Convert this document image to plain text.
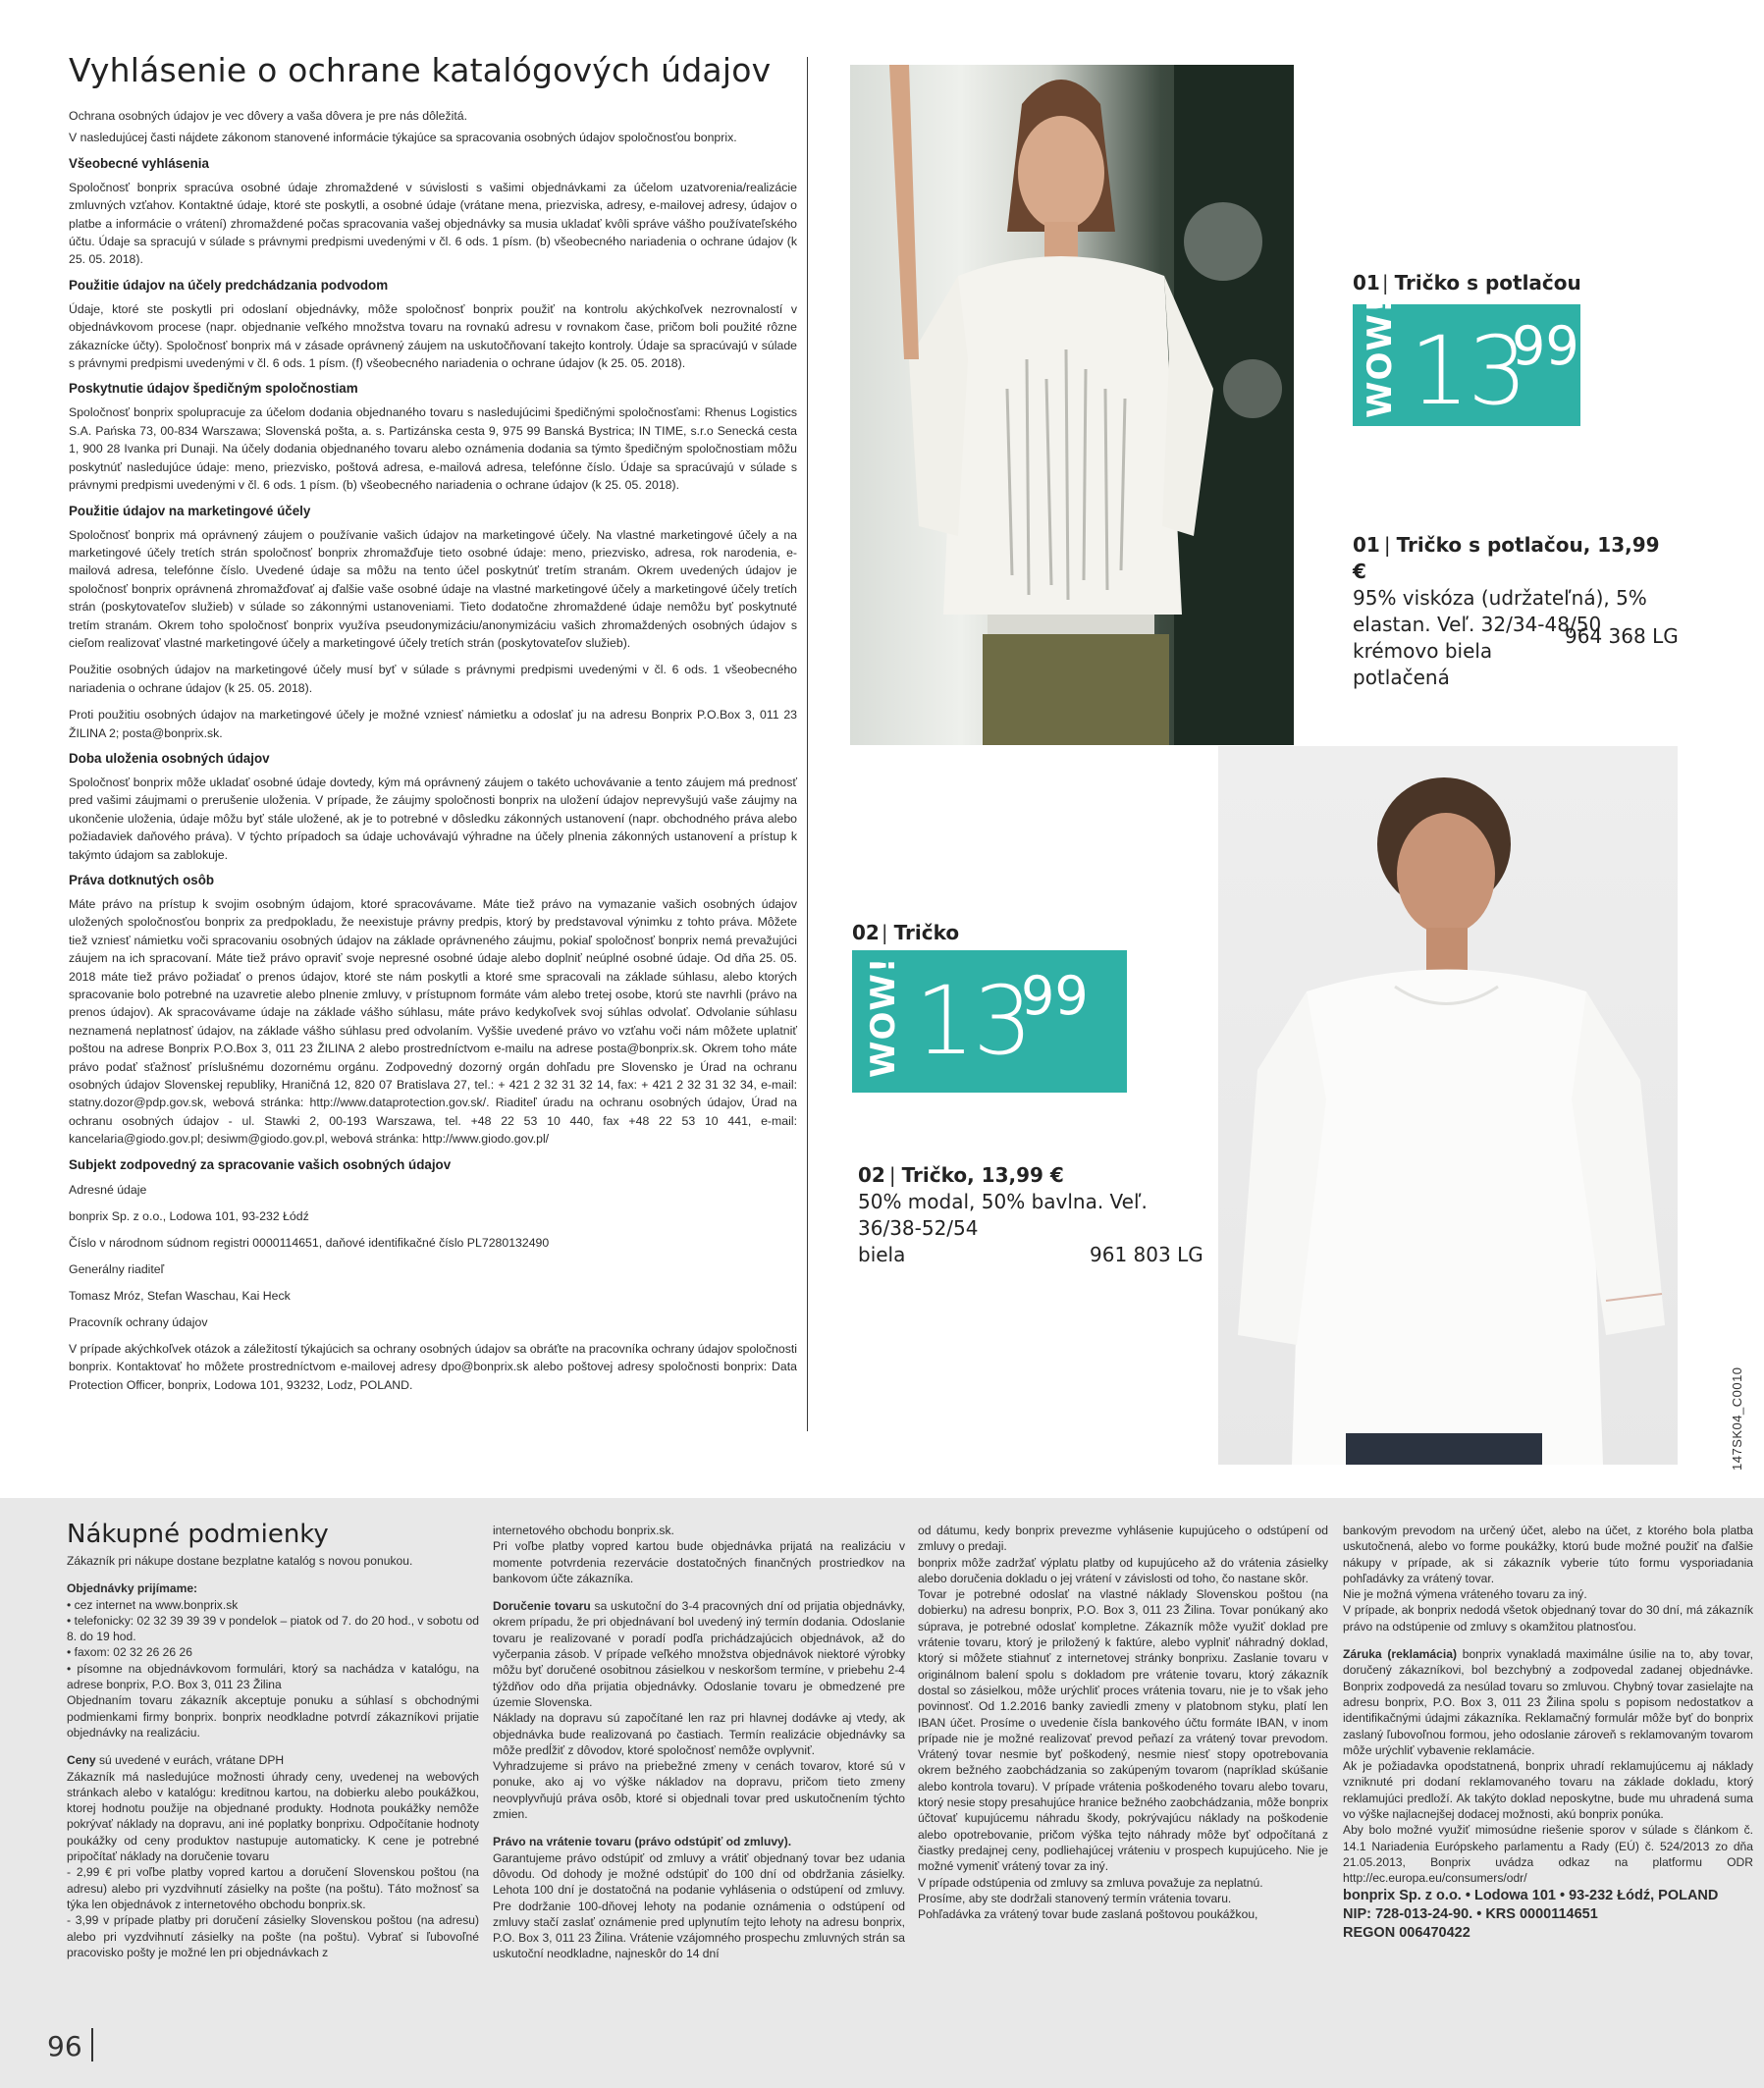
Vyhlásenie o ochrane katalógových údajov
Ochrana osobných údajov je vec dôvery a vaša dôvera je pre nás dôležitá.
V nasledujúcej časti nájdete zákonom stanovené informácie týkajúce sa spracovania osobných údajov spoločnosťou bonprix.
Všeobecné vyhlásenia
Spoločnosť bonprix spracúva osobné údaje zhromaždené v súvislosti s vašimi objednávkami za účelom uzatvorenia/realizácie zmluvných vzťahov. Kontaktné údaje, ktoré ste poskytli, a osobné údaje (vrátane mena, priezviska, adresy, e-mailovej adresy, údajov o platbe a informácie o vrátení) zhromaždené počas spracovania vašej objednávky sa musia ukladať kvôli správe vášho používateľského účtu. Údaje sa spracujú v súlade s právnymi predpismi uvedenými v čl. 6 ods. 1 písm. (b) všeobecného nariadenia o ochrane údajov (k 25. 05. 2018).
Použitie údajov na účely predchádzania podvodom
Údaje, ktoré ste poskytli pri odoslaní objednávky, môže spoločnosť bonprix použiť na kontrolu akýchkoľvek nezrovnalostí v objednávkovom procese (napr. objednanie veľkého množstva tovaru na rovnakú adresu v rovnakom čase, pričom boli použité rôzne zákaznícke účty). Spoločnosť bonprix má v zásade oprávnený záujem na uskutočňovaní takejto kontroly. Údaje sa spracúvajú v súlade s právnymi predpismi uvedenými v čl. 6 ods. 1 písm. (f) všeobecného nariadenia o ochrane údajov (k 25. 05. 2018).
Poskytnutie údajov špedičným spoločnostiam
Spoločnosť bonprix spolupracuje za účelom dodania objednaného tovaru s nasledujúcimi špedičnými spoločnosťami: Rhenus Logistics S.A. Pańska 73, 00-834 Warszawa; Slovenská pošta, a. s. Partizánska cesta 9, 975 99 Banská Bystrica; IN TIME, s.r.o Senecká cesta 1, 900 28 Ivanka pri Dunaji. Na účely dodania objednaného tovaru alebo oznámenia dodania sa týmto špedičným spoločnostiam môžu poskytnúť nasledujúce údaje: meno, priezvisko, poštová adresa, e-mailová adresa, telefónne číslo. Údaje sa spracúvajú v súlade s právnymi predpismi uvedenými v čl. 6 ods. 1 písm. (b) všeobecného nariadenia o ochrane údajov (k 25. 05. 2018).
Použitie údajov na marketingové účely
Spoločnosť bonprix má oprávnený záujem o používanie vašich údajov na marketingové účely. Na vlastné marketingové účely a na marketingové účely tretích strán spoločnosť bonprix zhromažďuje tieto osobné údaje: meno, priezvisko, adresa, rok narodenia, e-mailová adresa, telefónne číslo. Uvedené údaje sa môžu na tento účel poskytnúť tretím stranám. Okrem uvedených údajov je spoločnosť bonprix oprávnená zhromažďovať aj ďalšie vaše osobné údaje na vlastné marketingové účely a marketingové účely tretích strán (poskytovateľov služieb) v súlade so zákonnými ustanoveniami. Tieto dodatočne zhromaždené údaje nemôžu byť poskytnuté tretím stranám. Okrem toho spoločnosť bonprix využíva pseudonymizáciu/anonymizáciu vašich zhromaždených osobných údajov s cieľom realizovať vlastné marketingové účely a marketingové účely tretích strán (poskytovateľov služieb).
Použitie osobných údajov na marketingové účely musí byť v súlade s právnymi predpismi uvedenými v čl. 6 ods. 1 všeobecného nariadenia o ochrane údajov (k 25. 05. 2018).
Proti použitiu osobných údajov na marketingové účely je možné vzniesť námietku a odoslať ju na adresu Bonprix P.O.Box 3, 011 23 ŽILINA 2; posta@bonprix.sk.
Doba uloženia osobných údajov
Spoločnosť bonprix môže ukladať osobné údaje dovtedy, kým má oprávnený záujem o takéto uchovávanie a tento záujem má prednosť pred vašimi záujmami o prerušenie uloženia. V prípade, že záujmy spoločnosti bonprix na uložení údajov neprevyšujú vaše záujmy na ukončenie uloženia, údaje môžu byť stále uložené, ak je to potrebné v dôsledku zákonných ustanovení (napr. obchodného práva alebo požiadaviek daňového práva). V týchto prípadoch sa údaje uchovávajú výhradne na účely plnenia zákonných ustanovení a prístup k takýmto údajom sa zablokuje.
Práva dotknutých osôb
Máte právo na prístup k svojim osobným údajom, ktoré spracovávame. Máte tiež právo na vymazanie vašich osobných údajov uložených spoločnosťou bonprix za predpokladu, že neexistuje právny predpis, ktorý by predstavoval výnimku z tohto práva. Môžete tiež vzniesť námietku voči spracovaniu osobných údajov na základe oprávneného záujmu, pokiaľ spoločnosť bonprix nemá prevažujúci záujem na ich spracovaní. Máte tiež právo opraviť svoje nepresné osobné údaje alebo doplniť neúplné osobné údaje. Od dňa 25. 05. 2018 máte tiež právo požiadať o prenos údajov, ktoré ste nám poskytli a ktoré sme spracovali na základe súhlasu, alebo ktorých spracovanie bolo potrebné na uzavretie alebo plnenie zmluvy, v prístupnom formáte vám alebo tretej osobe, ktorú ste navrhli (právo na prenos údajov). Ak spracovávame údaje na základe vášho súhlasu, máte právo kedykoľvek svoj súhlas odvolať. Odvolanie súhlasu neznamená neplatnosť údajov, na základe vášho súhlasu pred odvolaním. Vyššie uvedené právo vo vzťahu voči nám môžete uplatniť poštou na adrese Bonprix P.O.Box 3, 011 23 ŽILINA 2 alebo prostredníctvom e-mailu na adrese posta@bonprix.sk. Okrem toho máte právo podať sťažnosť príslušnému dozornému orgánu. Zodpovedný dozorný orgán dohľadu pre Slovensko je Úrad na ochranu osobných údajov Slovenskej republiky, Hraničná 12, 820 07 Bratislava 27, tel.: + 421 2 32 31 32 14, fax: + 421 2 32 31 32 34, e-mail: statny.dozor@pdp.gov.sk, webová stránka: http://www.dataprotection.gov.sk/. Riaditeľ úradu na ochranu osobných údajov, Úrad na ochranu osobných údajov - ul. Stawki 2, 00-193 Warszawa, tel. +48 22 53 10 440, fax +48 22 53 10 441, e-mail: kancelaria@giodo.gov.pl; desiwm@giodo.gov.pl, webová stránka: http://www.giodo.gov.pl/
Subjekt zodpovedný za spracovanie vašich osobných údajov
Adresné údaje
bonprix Sp. z o.o., Lodowa 101, 93-232 Łódź
Číslo v národnom súdnom registri 0000114651, daňové identifikačné číslo PL7280132490
Generálny riaditeľ
Tomasz Mróz, Stefan Waschau, Kai Heck
Pracovník ochrany údajov
V prípade akýchkoľvek otázok a záležitostí týkajúcich sa ochrany osobných údajov sa obráťte na pracovníka ochrany údajov spoločnosti bonprix. Kontaktovať ho môžete prostredníctvom e-mailovej adresy dpo@bonprix.sk alebo poštovej adresy spoločnosti bonprix: Data Protection Officer, bonprix, Lodowa 101, 93232, Lodz, POLAND.
01 | Tričko s potlačou
WOW! 13
99
01 | Tričko s potlačou, 13,99 €
95% viskóza (udržateľná), 5%
elastan. Veľ. 32/34-48/50
krémovo biela
potlačená
964 368 LG
02 | Tričko
WOW! 13
99
02 | Tričko, 13,99 €
50% modal, 50% bavlna. Veľ.
36/38-52/54
biela	961 803 LG
147SK04_C0010
Nákupné podmienky
Zákazník pri nákupe dostane bezplatne katalóg s novou ponukou.
Objednávky prijímame:
• cez internet na www.bonprix.sk
• telefonicky: 02 32 39 39 39 v pondelok – piatok od 7. do 20 hod., v sobotu od 8. do 19 hod.
• faxom: 02 32 26 26 26
• písomne na objednávkovom formulári, ktorý sa nachádza v katalógu, na adrese bonprix, P.O. Box 3, 011 23 Žilina
Objednaním tovaru zákazník akceptuje ponuku a súhlasí s obchodnými podmienkami firmy bonprix. bonprix neodkladne potvrdí zákazníkovi prijatie objednávky na realizáciu.
Ceny sú uvedené v eurách, vrátane DPH
Zákazník má nasledujúce možnosti úhrady ceny, uvedenej na webových stránkach alebo v katalógu: kreditnou kartou, na dobierku alebo poukážkou, ktorej hodnotu použije na objednané produkty. Hodnota poukážky nemôže pokrývať náklady na dopravu, ani iné poplatky bonprixu. Odpočítanie hodnoty poukážky od ceny produktov nastupuje automaticky. K cene je potrebné pripočítať náklady na doručenie tovaru
- 2,99 € pri voľbe platby vopred kartou a doručení Slovenskou poštou (na adresu) alebo pri vyzdvihnutí zásielky na pošte (na poštu). Táto možnosť sa týka len objednávok z internetového obchodu bonprix.sk.
- 3,99 v prípade platby pri doručení zásielky Slovenskou poštou (na adresu) alebo pri vyzdvihnutí zásielky na pošte (na poštu). Vybrať si ľubovoľné pracovisko pošty je možné len pri objednávkach z
internetového obchodu bonprix.sk.
Pri voľbe platby vopred kartou bude objednávka prijatá na realizáciu v momente potvrdenia rezervácie dostatočných finančných prostriedkov na bankovom účte zákazníka.
Doručenie tovaru sa uskutoční do 3-4 pracovných dní od prijatia objednávky, okrem prípadu, že pri objednávaní bol uvedený iný termín dodania. Odoslanie tovaru je realizované v poradí podľa prichádzajúcich objednávok, až do vyčerpania zásob. V prípade veľkého množstva objednávok niektoré výrobky môžu byť doručené osobitnou zásielkou v neskoršom termíne, v priebehu 2-4 týždňov odo dňa prijatia objednávky. Odoslanie tovaru je obmedzené pre územie Slovenska.
Náklady na dopravu sú započítané len raz pri hlavnej dodávke aj vtedy, ak objednávka bude realizovaná po častiach. Termín realizácie objednávky sa môže predĺžiť z dôvodov, ktoré spoločnosť nemôže ovplyvniť.
Vyhradzujeme si právo na priebežné zmeny v cenách tovarov, ktoré sú v ponuke, ako aj vo výške nákladov na dopravu, pričom tieto zmeny neovplyvňujú práva osôb, ktoré si objednali tovar pred uskutočnením týchto zmien.
Právo na vrátenie tovaru (právo odstúpiť od zmluvy).
Garantujeme právo odstúpiť od zmluvy a vrátiť objednaný tovar bez udania dôvodu. Od dohody je možné odstúpiť do 100 dní od obdržania zásielky. Lehota 100 dní je dostatočná na podanie vyhlásenia o odstúpení od zmluvy. Pre dodržanie 100-dňovej lehoty na podanie oznámenia o odstúpení od zmluvy stačí zaslať oznámenie pred uplynutím tejto lehoty na adresu bonprix, P.O. Box 3, 011 23 Žilina. Vrátenie vzájomného prospechu zmluvných strán sa uskutoční neodkladne, najneskôr do 14 dní
od dátumu, kedy bonprix prevezme vyhlásenie kupujúceho o odstúpení od zmluvy o predaji.
bonprix môže zadržať výplatu platby od kupujúceho až do vrátenia zásielky alebo doručenia dokladu o jej vrátení v závislosti od toho, čo nastane skôr.
Tovar je potrebné odoslať na vlastné náklady Slovenskou poštou (na dobierku) na adresu bonprix, P.O. Box 3, 011 23 Žilina. Tovar ponúkaný ako súprava, je potrebné odoslať kompletne. Zákazník môže využiť doklad pre vrátenie tovaru, ktorý je priložený k faktúre, alebo vyplniť náhradný doklad, ktorý si môžete stiahnuť z internetovej stránky bonprixu. Zaslanie tovaru v originálnom balení spolu s dokladom pre vrátenie tovaru, ktorý zákazník dostal so zásielkou, môže urýchliť proces vrátenia tovaru, nie je to však jeho povinnosť. Od 1.2.2016 banky zaviedli zmeny v platobnom styku, platí len IBAN účet. Prosíme o uvedenie čísla bankového účtu formáte IBAN, v inom prípade nie je možné realizovať prevod peňazí za vrátený tovar prevodom. Vrátený tovar nesmie byť poškodený, nesmie niesť stopy opotrebovania okrem bežného zaobchádzania so zakúpeným tovarom (napríklad skúšanie alebo kontrola tovaru). V prípade vrátenia poškodeného tovaru alebo tovaru, ktorý nesie stopy presahujúce hranice bežného zaobchádzania, môže bonprix účtovať kupujúcemu náhradu škody, pokrývajúcu náklady na poškodenie alebo opotrebovanie, pričom výška tejto náhrady môže byť odpočítaná z čiastky predajnej ceny, podliehajúcej vráteniu v prospech kupujúceho. Nie je možné vymeniť vrátený tovar za iný.
V prípade odstúpenia od zmluvy sa zmluva považuje za neplatnú.
Prosíme, aby ste dodržali stanovený termín vrátenia tovaru.
Pohľadávka za vrátený tovar bude zaslaná poštovou poukážkou,
bankovým prevodom na určený účet, alebo na účet, z ktorého bola platba uskutočnená, alebo vo forme poukážky, ktorú bude možné použiť na ďalšie nákupy v prípade, ak si zákazník vyberie túto formu vysporiadania pohľadávky za vrátený tovar.
Nie je možná výmena vráteného tovaru za iný.
V prípade, ak bonprix nedodá všetok objednaný tovar do 30 dní, má zákazník právo na odstúpenie od zmluvy s okamžitou platnosťou.
Záruka (reklamácia) bonprix vynakladá maximálne úsilie na to, aby tovar, doručený zákazníkovi, bol bezchybný a zodpovedal zadanej objednávke. Bonprix zodpovedá za nesúlad tovaru so zmluvou. Chybný tovar zasielajte na adresu bonprix, P.O. Box 3, 011 23 Žilina spolu s popisom nedostatkov a identifikačnými údajmi zákazníka. Reklamačný formulár môže byť do bonprix zaslaný ľubovoľnou formou, jeho odoslanie zároveň s reklamovaným tovarom môže urýchliť vybavenie reklamácie.
Ak je požiadavka opodstatnená, bonprix uhradí reklamujúcemu aj náklady vzniknuté pri dodaní reklamovaného tovaru na základe dokladu, ktorý reklamujúci predloží. Ak takýto doklad neposkytne, bude mu uhradená suma vo výške najlacnejšej dodacej možnosti, akú bonprix ponúka.
Aby bolo možné využiť mimosúdne riešenie sporov v súlade s článkom č. 14.1 Nariadenia Európskeho parlamentu a Rady (EÚ) č. 524/2013 zo dňa 21.05.2013, Bonprix uvádza odkaz na platformu ODR http://ec.europa.eu/consumers/odr/
bonprix Sp. z o.o. • Lodowa 101 • 93-232 Łódź, POLAND
NIP: 728-013-24-90. • KRS 0000114651
REGON 006470422
96
